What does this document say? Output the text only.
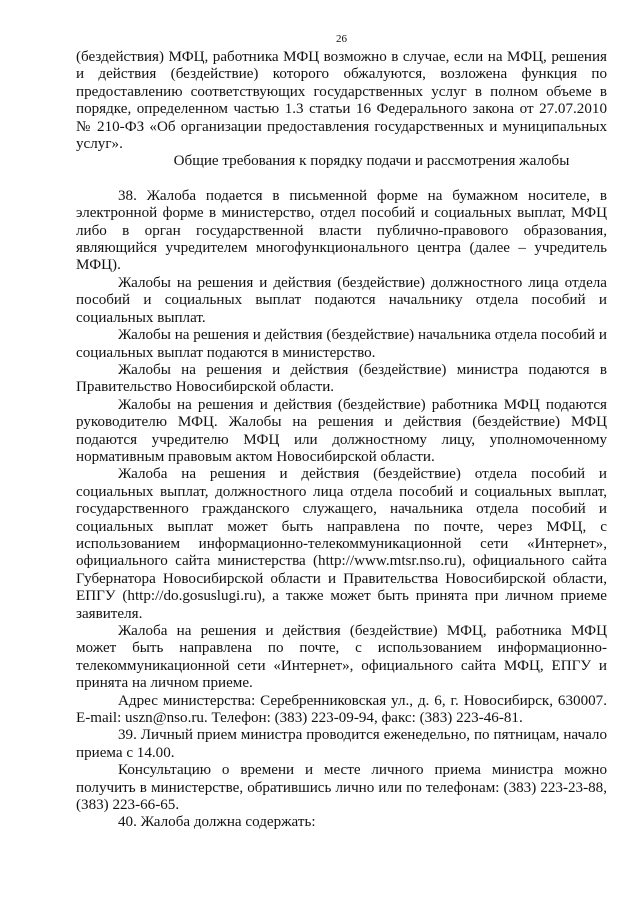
26

(бездействия) МФЦ, работника МФЦ возможно в случае, если на МФЦ, решения и действия (бездействие) которого обжалуются, возложена функция по предоставлению соответствующих государственных услуг в полном объеме в порядке, определенном частью 1.3 статьи 16 Федерального закона от 27.07.2010 № 210-ФЗ «Об организации предоставления государственных и муниципальных услуг».

Общие требования к порядку подачи и рассмотрения жалобы

38. Жалоба подается в письменной форме на бумажном носителе, в электронной форме в министерство, отдел пособий и социальных выплат, МФЦ либо в орган государственной власти публично-правового образования, являющийся учредителем многофункционального центра (далее – учредитель МФЦ).

Жалобы на решения и действия (бездействие) должностного лица отдела пособий и социальных выплат подаются начальнику отдела пособий и социальных выплат.

Жалобы на решения и действия (бездействие) начальника отдела пособий и социальных выплат подаются в министерство.

Жалобы на решения и действия (бездействие) министра подаются в Правительство Новосибирской области.

Жалобы на решения и действия (бездействие) работника МФЦ подаются руководителю МФЦ. Жалобы на решения и действия (бездействие) МФЦ подаются учредителю МФЦ или должностному лицу, уполномоченному нормативным правовым актом Новосибирской области.

Жалоба на решения и действия (бездействие) отдела пособий и социальных выплат, должностного лица отдела пособий и социальных выплат, государственного гражданского служащего, начальника отдела пособий и социальных выплат может быть направлена по почте, через МФЦ, с использованием информационно-телекоммуникационной сети «Интернет», официального сайта министерства (http://www.mtsr.nso.ru), официального сайта Губернатора Новосибирской области и Правительства Новосибирской области, ЕПГУ (http://do.gosuslugi.ru), а также может быть принята при личном приеме заявителя.

Жалоба на решения и действия (бездействие) МФЦ, работника МФЦ может быть направлена по почте, с использованием информационно-телекоммуникационной сети «Интернет», официального сайта МФЦ, ЕПГУ и принята на личном приеме.

Адрес министерства: Серебренниковская ул., д. 6, г. Новосибирск, 630007. E-mail: uszn@nso.ru. Телефон: (383) 223-09-94, факс: (383) 223-46-81.

39. Личный прием министра проводится еженедельно, по пятницам, начало приема с 14.00.

Консультацию о времени и месте личного приема министра можно получить в министерстве, обратившись лично или по телефонам: (383) 223-23-88, (383) 223-66-65.

40. Жалоба должна содержать:
